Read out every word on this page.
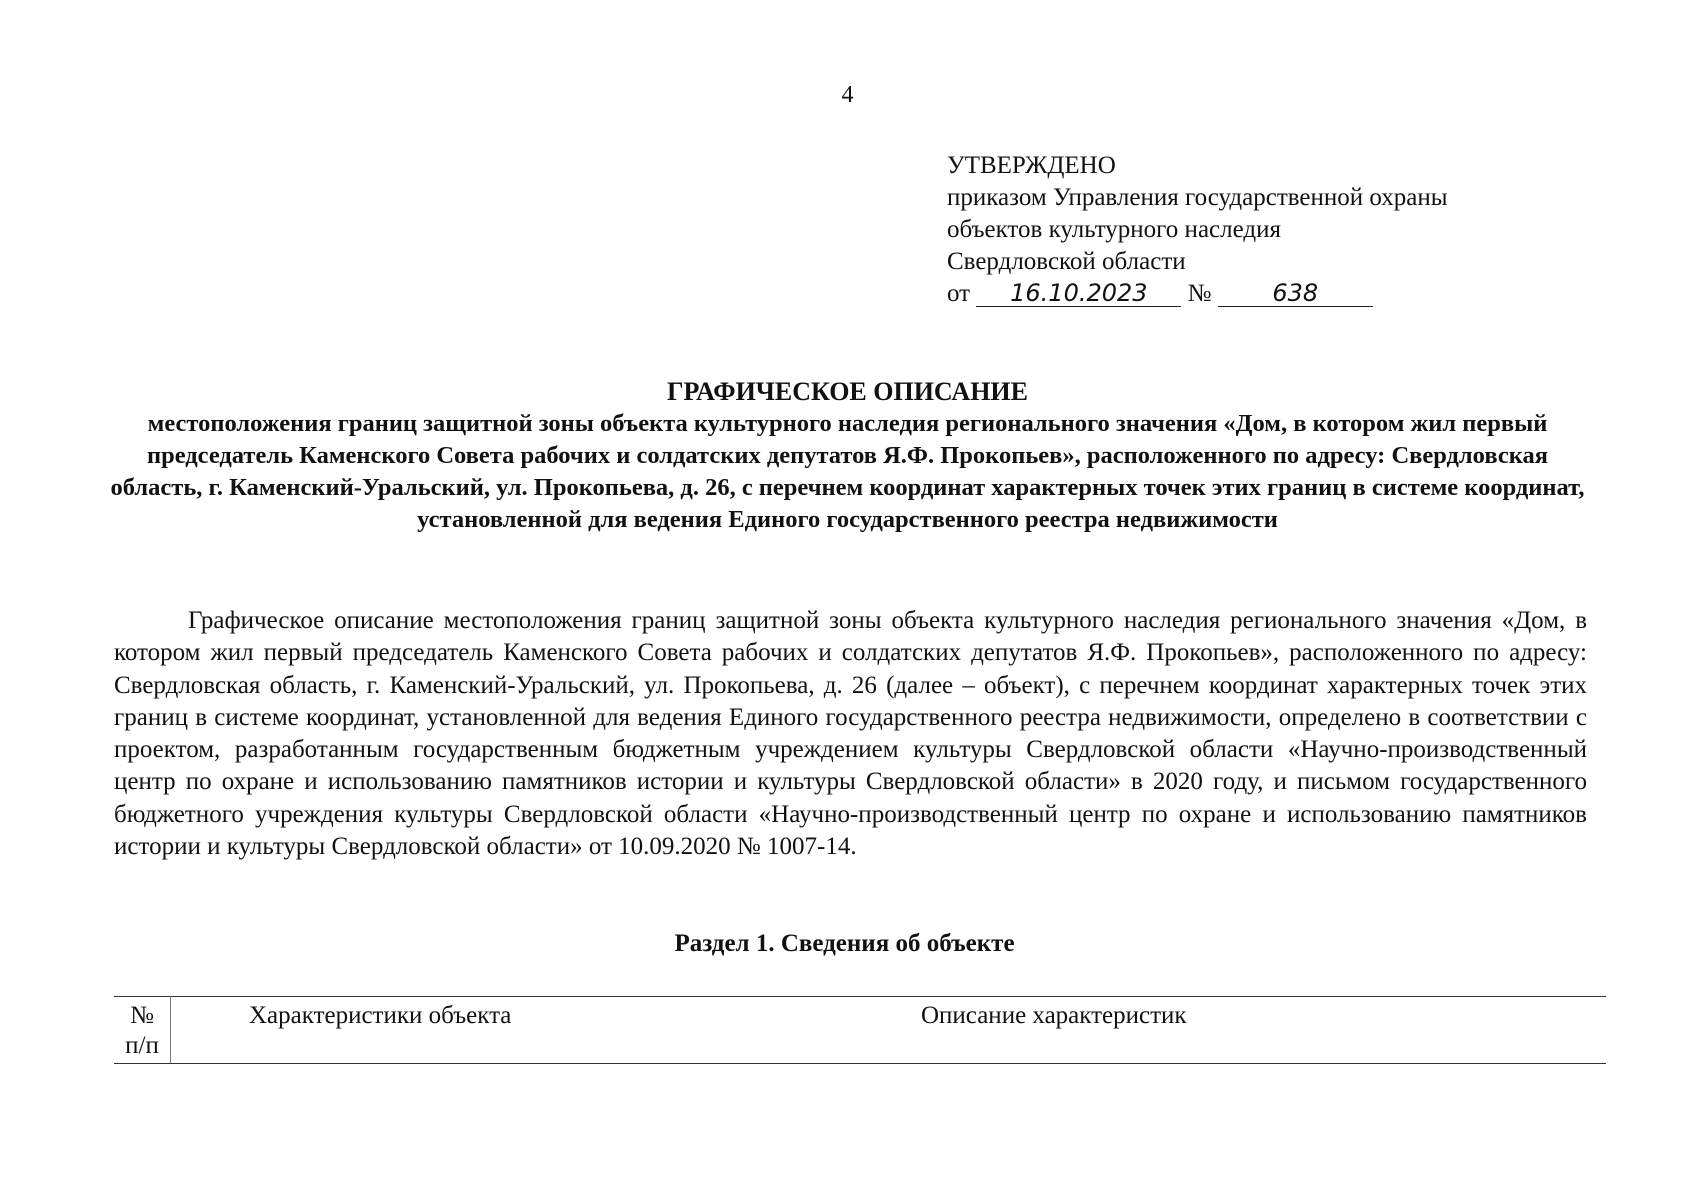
4
УТВЕРЖДЕНО
приказом Управления государственной охраны
объектов культурного наследия
Свердловской области
от 16.10.2023 №	638
ГРАФИЧЕСКОЕ ОПИСАНИЕ
местоположения границ защитной зоны объекта культурного наследия регионального значения «Дом, в котором жил первый председатель Каменского Совета рабочих и солдатских депутатов Я.Ф. Прокопьев», расположенного по адресу: Свердловская область, г. Каменский-Уральский, ул. Прокопьева, д. 26, с перечнем координат характерных точек этих границ в системе координат, установленной для ведения Единого государственного реестра недвижимости
Графическое описание местоположения границ защитной зоны объекта культурного наследия регионального значения «Дом, в котором жил первый председатель Каменского Совета рабочих и солдатских депутатов Я.Ф. Прокопьев», расположенного по адресу: Свердловская область, г. Каменский-Уральский, ул. Прокопьева, д. 26 (далее – объект), с перечнем координат характерных точек этих границ в системе координат, установленной для ведения Единого государственного реестра недвижимости, определено в соответствии с проектом, разработанным государственным бюджетным учреждением культуры Свердловской области «Научно-производственный центр по охране и использованию памятников истории и культуры Свердловской области» в 2020 году, и письмом государственного бюджетного учреждения культуры Свердловской области «Научно-производственный центр по охране и использованию памятников истории и культуры Свердловской области» от 10.09.2020 № 1007-14.
Раздел 1. Сведения об объекте
№
п/п
	Характеристики объекта	Описание характеристик
